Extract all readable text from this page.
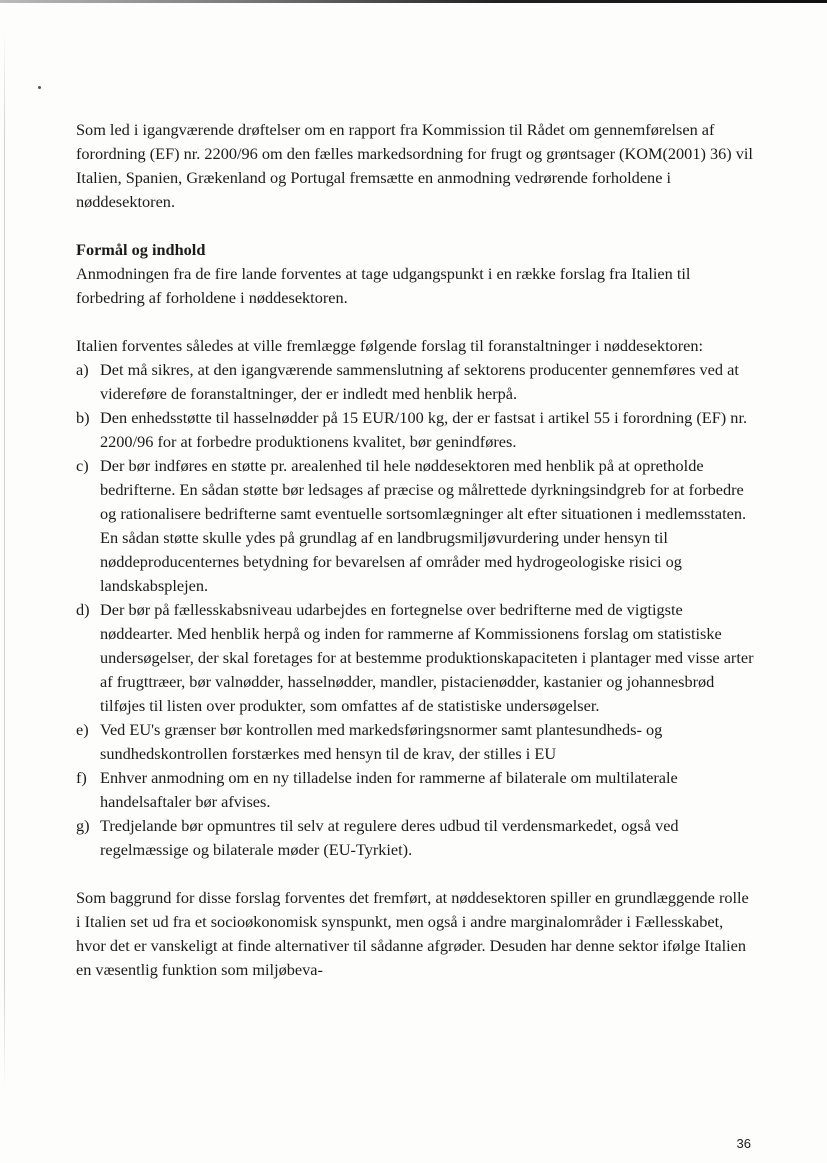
Som led i igangværende drøftelser om en rapport fra Kommission til Rådet om gennemførelsen af forordning (EF) nr. 2200/96 om den fælles markedsordning for frugt og grøntsager (KOM(2001) 36) vil Italien, Spanien, Grækenland og Portugal fremsætte en anmodning vedrørende forholdene i nøddesektoren.

Formål og indhold

Anmodningen fra de fire lande forventes at tage udgangspunkt i en række forslag fra Italien til forbedring af forholdene i nøddesektoren.

Italien forventes således at ville fremlægge følgende forslag til foranstaltninger i nøddesektoren:

a) Det må sikres, at den igangværende sammenslutning af sektorens producenter gennemføres ved at videreføre de foranstaltninger, der er indledt med henblik herpå.
b) Den enhedsstøtte til hasselnødder på 15 EUR/100 kg, der er fastsat i artikel 55 i forordning (EF) nr. 2200/96 for at forbedre produktionens kvalitet, bør genindføres.
c) Der bør indføres en støtte pr. arealenhed til hele nøddesektoren med henblik på at opretholde bedrifterne. En sådan støtte bør ledsages af præcise og målrettede dyrkningsindgreb for at forbedre og rationalisere bedrifterne samt eventuelle sortsomlægninger alt efter situationen i medlemsstaten. En sådan støtte skulle ydes på grundlag af en landbrugsmiljøvurdering under hensyn til nøddeproducenternes betydning for bevarelsen af områder med hydrogeologiske risici og landskabsplejen.
d) Der bør på fællesskabsniveau udarbejdes en fortegnelse over bedrifterne med de vigtigste nøddearter. Med henblik herpå og inden for rammerne af Kommissionens forslag om statistiske undersøgelser, der skal foretages for at bestemme produktionskapaciteten i plantager med visse arter af frugttræer, bør valnødder, hasselnødder, mandler, pistacienødder, kastanier og johannesbrød tilføjes til listen over produkter, som omfattes af de statistiske undersøgelser.
e) Ved EU's grænser bør kontrollen med markedsføringsnormer samt plantesundheds- og sundhedskontrollen forstærkes med hensyn til de krav, der stilles i EU
f) Enhver anmodning om en ny tilladelse inden for rammerne af bilaterale om multilaterale handelsaftaler bør afvises.
g) Tredjelande bør opmuntres til selv at regulere deres udbud til verdensmarkedet, også ved regelmæssige og bilaterale møder (EU-Tyrkiet).

Som baggrund for disse forslag forventes det fremført, at nøddesektoren spiller en grundlæggende rolle i Italien set ud fra et socioøkonomisk synspunkt, men også i andre marginalområder i Fællesskabet, hvor det er vanskeligt at finde alternativer til sådanne afgrøder. Desuden har denne sektor ifølge Italien en væsentlig funktion som miljøbeva-

36
